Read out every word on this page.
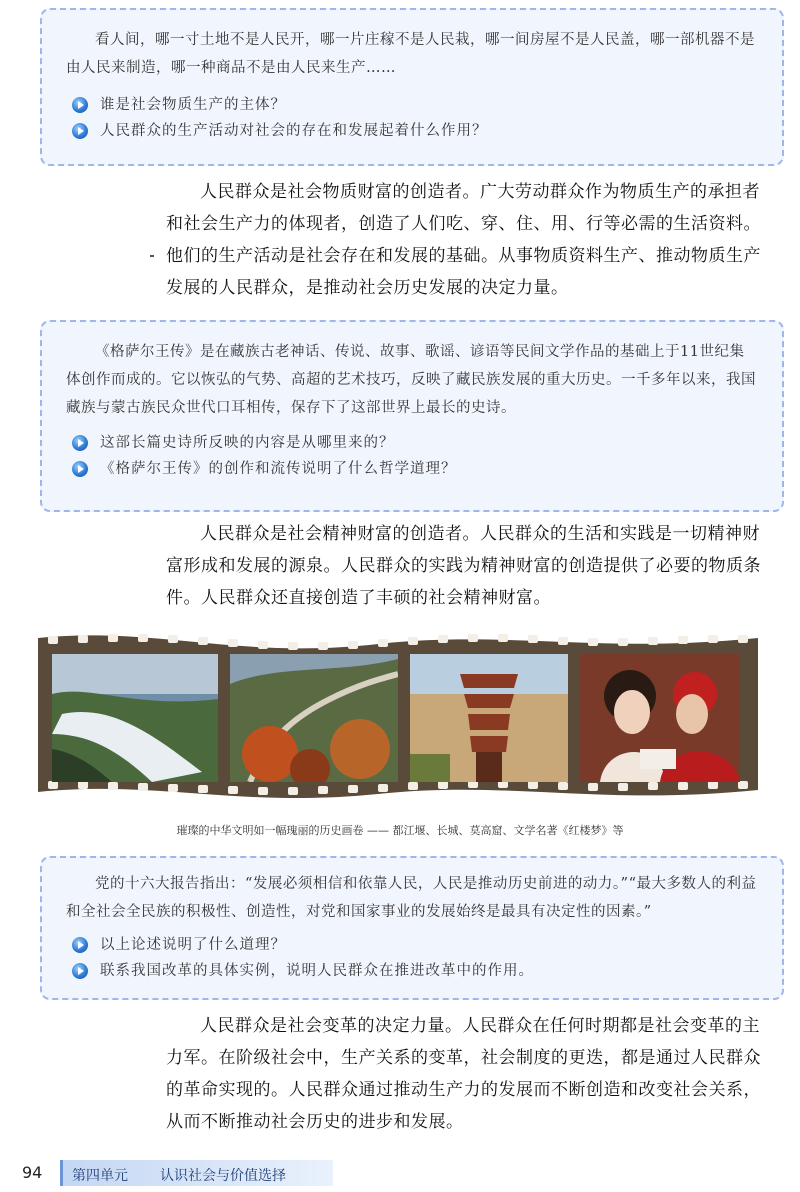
看人间，哪一寸土地不是人民开，哪一片庄稼不是人民栽，哪一间房屋不是人民盖，哪一部机器不是由人民来制造，哪一种商品不是由人民来生产……
谁是社会物质生产的主体？
人民群众的生产活动对社会的存在和发展起着什么作用？

人民群众是社会物质财富的创造者。广大劳动群众作为物质生产的承担者和社会生产力的体现者，创造了人们吃、穿、住、用、行等必需的生活资料。他们的生产活动是社会存在和发展的基础。从事物质资料生产、推动物质生产发展的人民群众，是推动社会历史发展的决定力量。

《格萨尔王传》是在藏族古老神话、传说、故事、歌谣、谚语等民间文学作品的基础上于11世纪集体创作而成的。它以恢弘的气势、高超的艺术技巧，反映了藏民族发展的重大历史。一千多年以来，我国藏族与蒙古族民众世代口耳相传，保存下了这部世界上最长的史诗。
这部长篇史诗所反映的内容是从哪里来的？
《格萨尔王传》的创作和流传说明了什么哲学道理？

人民群众是社会精神财富的创造者。人民群众的生活和实践是一切精神财富形成和发展的源泉。人民群众的实践为精神财富的创造提供了必要的物质条件。人民群众还直接创造了丰硕的社会精神财富。

璀璨的中华文明如一幅瑰丽的历史画卷 —— 都江堰、长城、莫高窟、文学名著《红楼梦》等
党的十六大报告指出：“发展必须相信和依靠人民，人民是推动历史前进的动力。”“最大多数人的利益和全社会全民族的积极性、创造性，对党和国家事业的发展始终是最具有决定性的因素。”
以上论述说明了什么道理？
联系我国改革的具体实例，说明人民群众在推进改革中的作用。

人民群众是社会变革的决定力量。人民群众在任何时期都是社会变革的主力军。在阶级社会中，生产关系的变革，社会制度的更迭，都是通过人民群众的革命实现的。人民群众通过推动生产力的发展而不断创造和改变社会关系，从而不断推动社会历史的进步和发展。

94 第四单元 认识社会与价值选择
